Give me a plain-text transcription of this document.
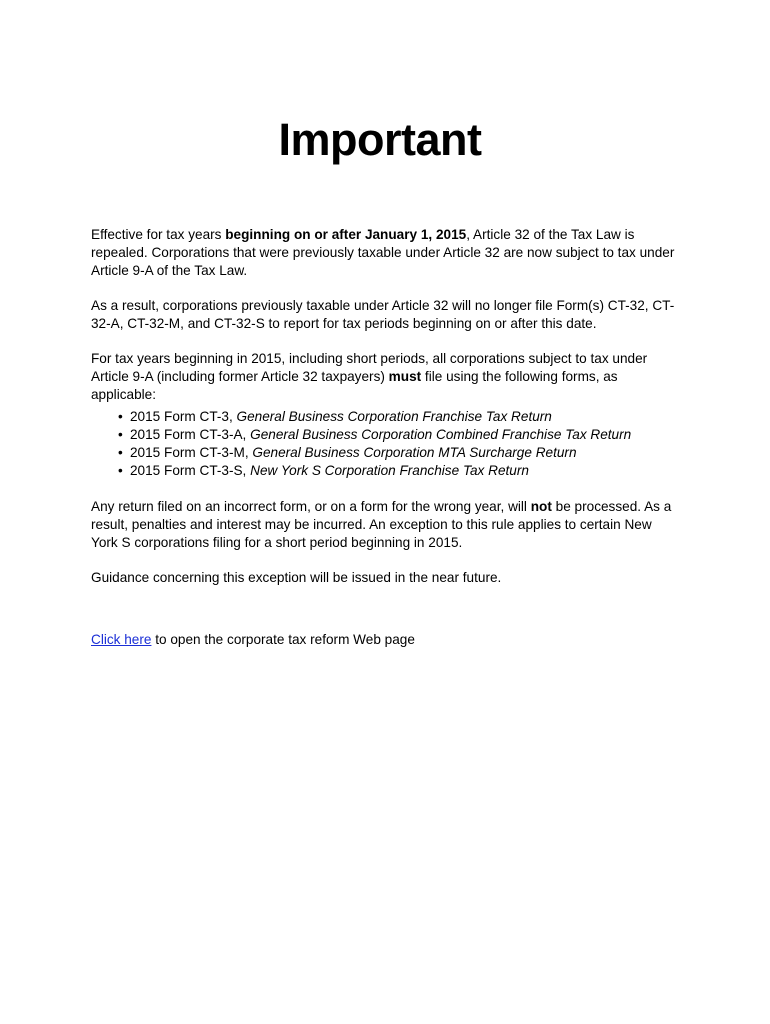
Important

Effective for tax years beginning on or after January 1, 2015, Article 32 of the Tax Law is repealed. Corporations that were previously taxable under Article 32 are now subject to tax under Article 9-A of the Tax Law.

As a result, corporations previously taxable under Article 32 will no longer file Form(s) CT-32, CT-32-A, CT-32-M, and CT-32-S to report for tax periods beginning on or after this date.

For tax years beginning in 2015, including short periods, all corporations subject to tax under Article 9-A (including former Article 32 taxpayers) must file using the following forms, as applicable:

• 2015 Form CT-3, General Business Corporation Franchise Tax Return
• 2015 Form CT-3-A, General Business Corporation Combined Franchise Tax Return
• 2015 Form CT-3-M, General Business Corporation MTA Surcharge Return
• 2015 Form CT-3-S, New York S Corporation Franchise Tax Return

Any return filed on an incorrect form, or on a form for the wrong year, will not be processed. As a result, penalties and interest may be incurred. An exception to this rule applies to certain New York S corporations filing for a short period beginning in 2015.

Guidance concerning this exception will be issued in the near future.

Click here to open the corporate tax reform Web page
